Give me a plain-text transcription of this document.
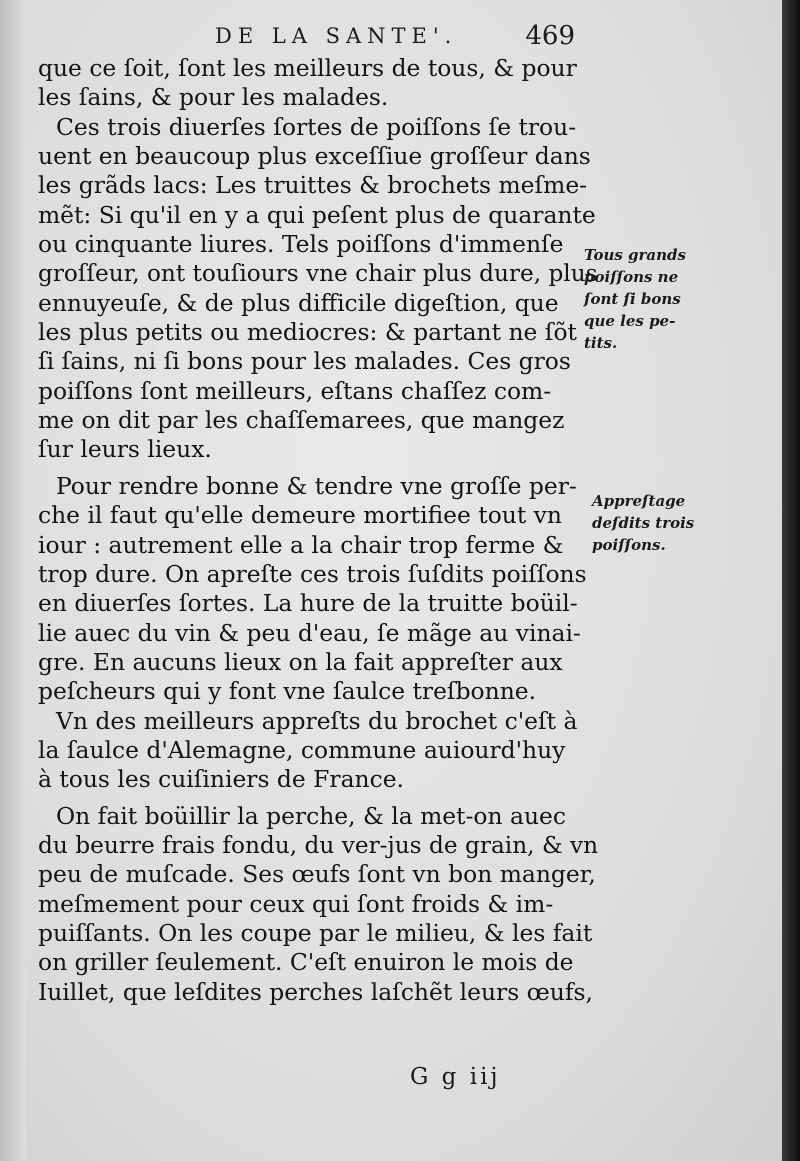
DE LA SANTE'.	469
que ce ſoit, ſont les meilleurs de tous, & pour
les ſains, & pour les malades.
Ces trois diuerſes ſortes de poiſſons ſe trou-
uent en beaucoup plus exceſſiue groſſeur dans
les grãds lacs: Les truittes & brochets meſme-
mẽt: Si qu'il en y a qui peſent plus de quarante
ou cinquante liures. Tels poiſſons d'immenſe
groſſeur, ont touſiours vne chair plus dure, plus
ennuyeuſe, & de plus difficile digeſtion, que
les plus petits ou mediocres: & partant ne ſõt
ſi ſains, ni ſi bons pour les malades. Ces gros
poiſſons ſont meilleurs, eſtans chaſſez com-
me on dit par les chaſſemarees, que mangez
ſur leurs lieux.
Pour rendre bonne & tendre vne groſſe per-
che il faut qu'elle demeure mortifiee tout vn
iour : autrement elle a la chair trop ferme &
trop dure. On apreſte ces trois ſuſdits poiſſons
en diuerſes ſortes. La hure de la truitte boüil-
lie auec du vin & peu d'eau, ſe mãge au vinai-
gre. En aucuns lieux on la fait appreſter aux
peſcheurs qui y font vne ſaulce treſbonne.
Vn des meilleurs appreſts du brochet c'eſt à
la ſaulce d'Alemagne, commune auiourd'huy
à tous les cuiſiniers de France.
On fait boüillir la perche, & la met-on auec
du beurre frais fondu, du ver-jus de grain, & vn
peu de muſcade. Ses œufs ſont vn bon manger,
meſmement pour ceux qui ſont froids & im-
puiſſants. On les coupe par le milieu, & les fait
on griller ſeulement. C'eſt enuiron le mois de
Iuillet, que leſdites perches laſchẽt leurs œufs,
Tous grands
poiſſons ne
ſont ſi bons
que les pe-
tits.
Appreſtage
deſdits trois
poiſſons.
G g iij
